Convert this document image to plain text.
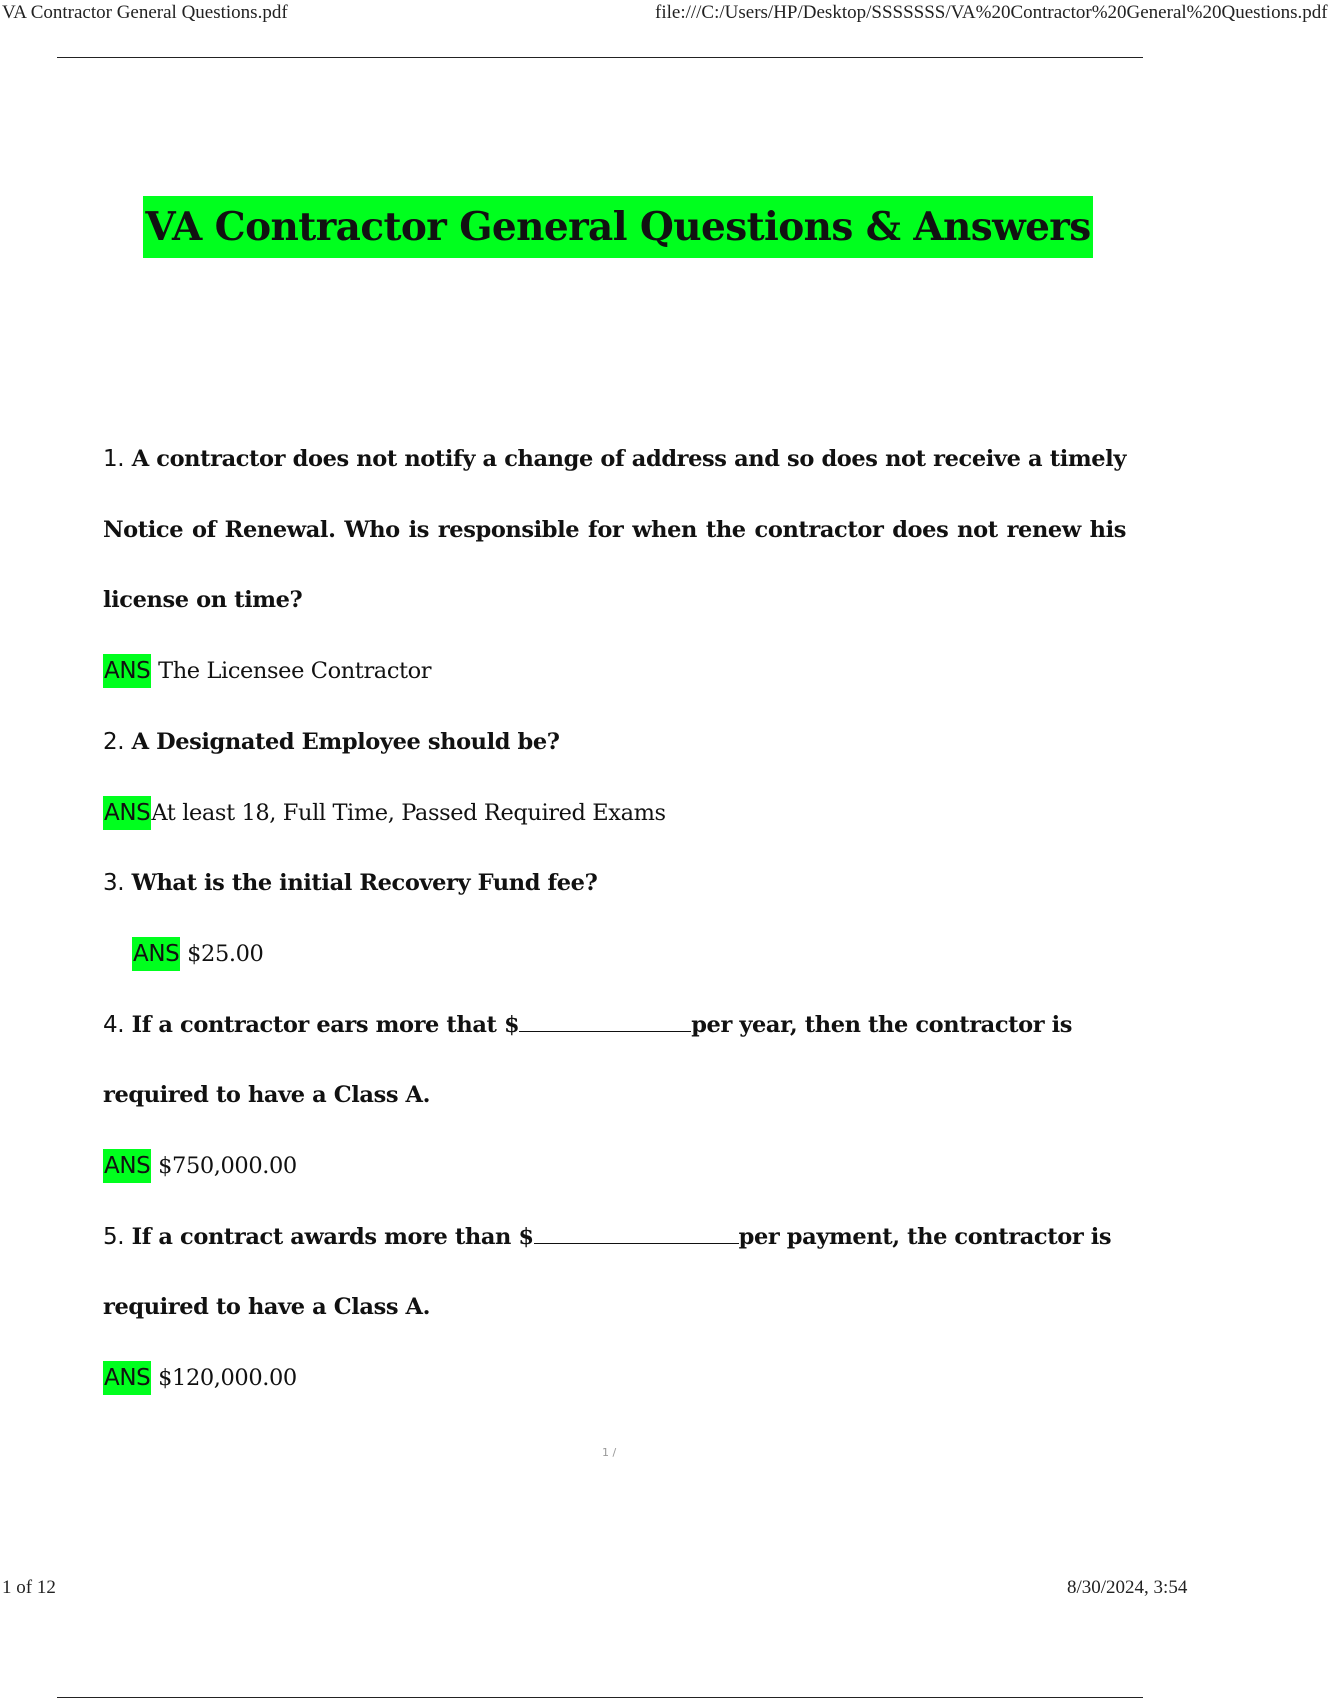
VA Contractor General Questions.pdf	file:///C:/Users/HP/Desktop/SSSSSSS/VA%20Contractor%20General%20Questions.pdf
VA Contractor General Questions & Answers

1. A contractor does not notify a change of address and so does not receive a timely Notice of Renewal. Who is responsible for when the contractor does not renew his license on time?

ANS The Licensee Contractor

2. A Designated Employee should be?

ANSAt least 18, Full Time, Passed Required Exams

3. What is the initial Recovery Fund fee?

ANS $25.00

4. If a contractor ears more that $	per year, then the contractor is

required to have a Class A.

ANS $750,000.00

5. If a contract awards more than $	per payment, the contractor is

required to have a Class A.

ANS $120,000.00

1 /
1 of 12	8/30/2024, 3:54
